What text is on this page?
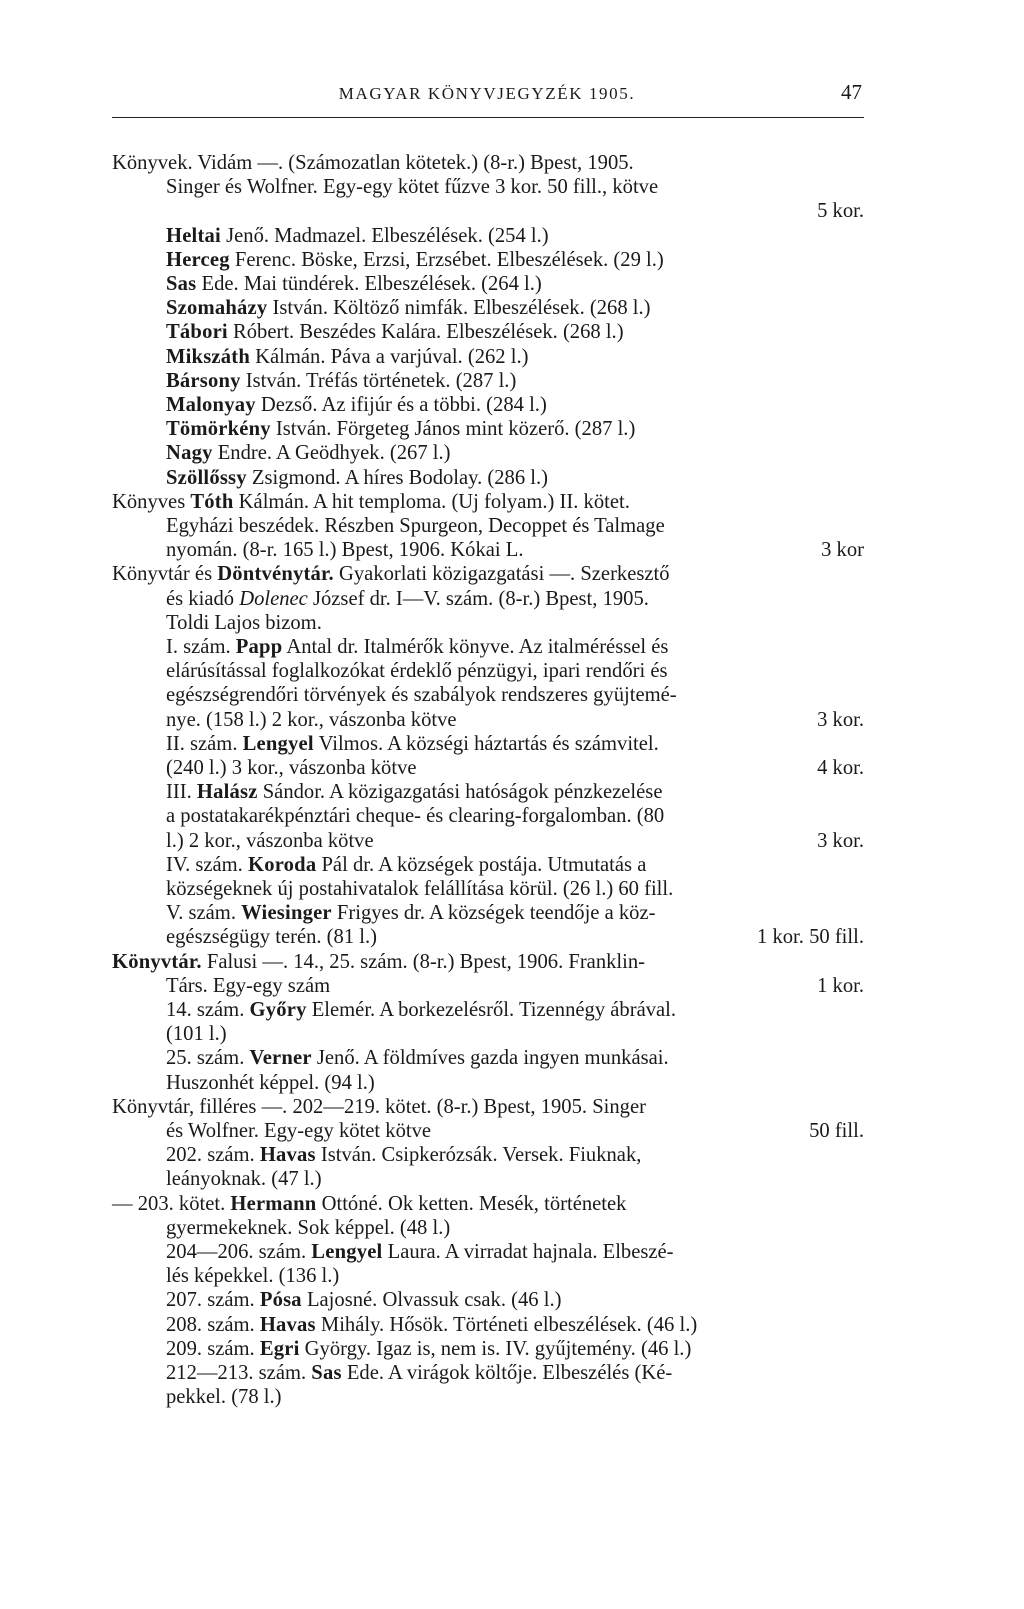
MAGYAR KÖNYVJEGYZÉK 1905.	47
Könyvek. Vidám —. (Számozatlan kötetek.) (8-r.) Bpest, 1905.
Singer és Wolfner. Egy-egy kötet fűzve 3 kor. 50 fill., kötve
5 kor.
Heltai Jenő. Madmazel. Elbeszélések. (254 l.)
Herceg Ferenc. Böske, Erzsi, Erzsébet. Elbeszélések. (29 l.)
Sas Ede. Mai tündérek. Elbeszélések. (264 l.)
Szomaházy István. Költöző nimfák. Elbeszélések. (268 l.)
Tábori Róbert. Beszédes Kalára. Elbeszélések. (268 l.)
Mikszáth Kálmán. Páva a varjúval. (262 l.)
Bársony István. Tréfás történetek. (287 l.)
Malonyay Dezső. Az ifijúr és a többi. (284 l.)
Tömörkény István. Förgeteg János mint közerő. (287 l.)
Nagy Endre. A Geödhyek. (267 l.)
Szöllőssy Zsigmond. A híres Bodolay. (286 l.)
Könyves Tóth Kálmán. A hit temploma. (Uj folyam.) II. kötet.
Egyházi beszédek. Részben Spurgeon, Decoppet és Talmage
nyomán. (8-r. 165 l.) Bpest, 1906. Kókai L.	3 kor
Könyvtár és Döntvénytár. Gyakorlati közigazgatási —. Szerkesztő
és kiadó Dolenec József dr. I—V. szám. (8-r.) Bpest, 1905.
Toldi Lajos bizom.
I. szám. Papp Antal dr. Italmérők könyve. Az italméréssel és
elárúsítással foglalkozókat érdeklő pénzügyi, ipari rendőri és
egészségrendőri törvények és szabályok rendszeres gyüjtemé-
nye. (158 l.) 2 kor., vászonba kötve	3 kor.
II. szám. Lengyel Vilmos. A községi háztartás és számvitel.
(240 l.) 3 kor., vászonba kötve	4 kor.
III. Halász Sándor. A közigazgatási hatóságok pénzkezelése
a postatakarékpénztári cheque- és clearing-forgalomban. (80
l.) 2 kor., vászonba kötve	3 kor.
IV. szám. Koroda Pál dr. A községek postája. Utmutatás a
községeknek új postahivatalok felállítása körül. (26 l.) 60 fill.
V. szám. Wiesinger Frigyes dr. A községek teendője a köz-
egészségügy terén. (81 l.)	1 kor. 50 fill.
Könyvtár. Falusi —. 14., 25. szám. (8-r.) Bpest, 1906. Franklin-
Társ. Egy-egy szám	1 kor.
14. szám. Győry Elemér. A borkezelésről. Tizennégy ábrával.
(101 l.)
25. szám. Verner Jenő. A földmíves gazda ingyen munkásai.
Huszonhét képpel. (94 l.)
Könyvtár, filléres —. 202—219. kötet. (8-r.) Bpest, 1905. Singer
és Wolfner. Egy-egy kötet kötve	50 fill.
202. szám. Havas István. Csipkerózsák. Versek. Fiuknak,
leányoknak. (47 l.)
— 203. kötet. Hermann Ottóné. Ok ketten. Mesék, történetek
gyermekeknek. Sok képpel. (48 l.)
204—206. szám. Lengyel Laura. A virradat hajnala. Elbeszé-
lés képekkel. (136 l.)
207. szám. Pósa Lajosné. Olvassuk csak. (46 l.)
208. szám. Havas Mihály. Hősök. Történeti elbeszélések. (46 l.)
209. szám. Egri György. Igaz is, nem is. IV. gyűjtemény. (46 l.)
212—213. szám. Sas Ede. A virágok költője. Elbeszélés (Ké-
pekkel. (78 l.)
